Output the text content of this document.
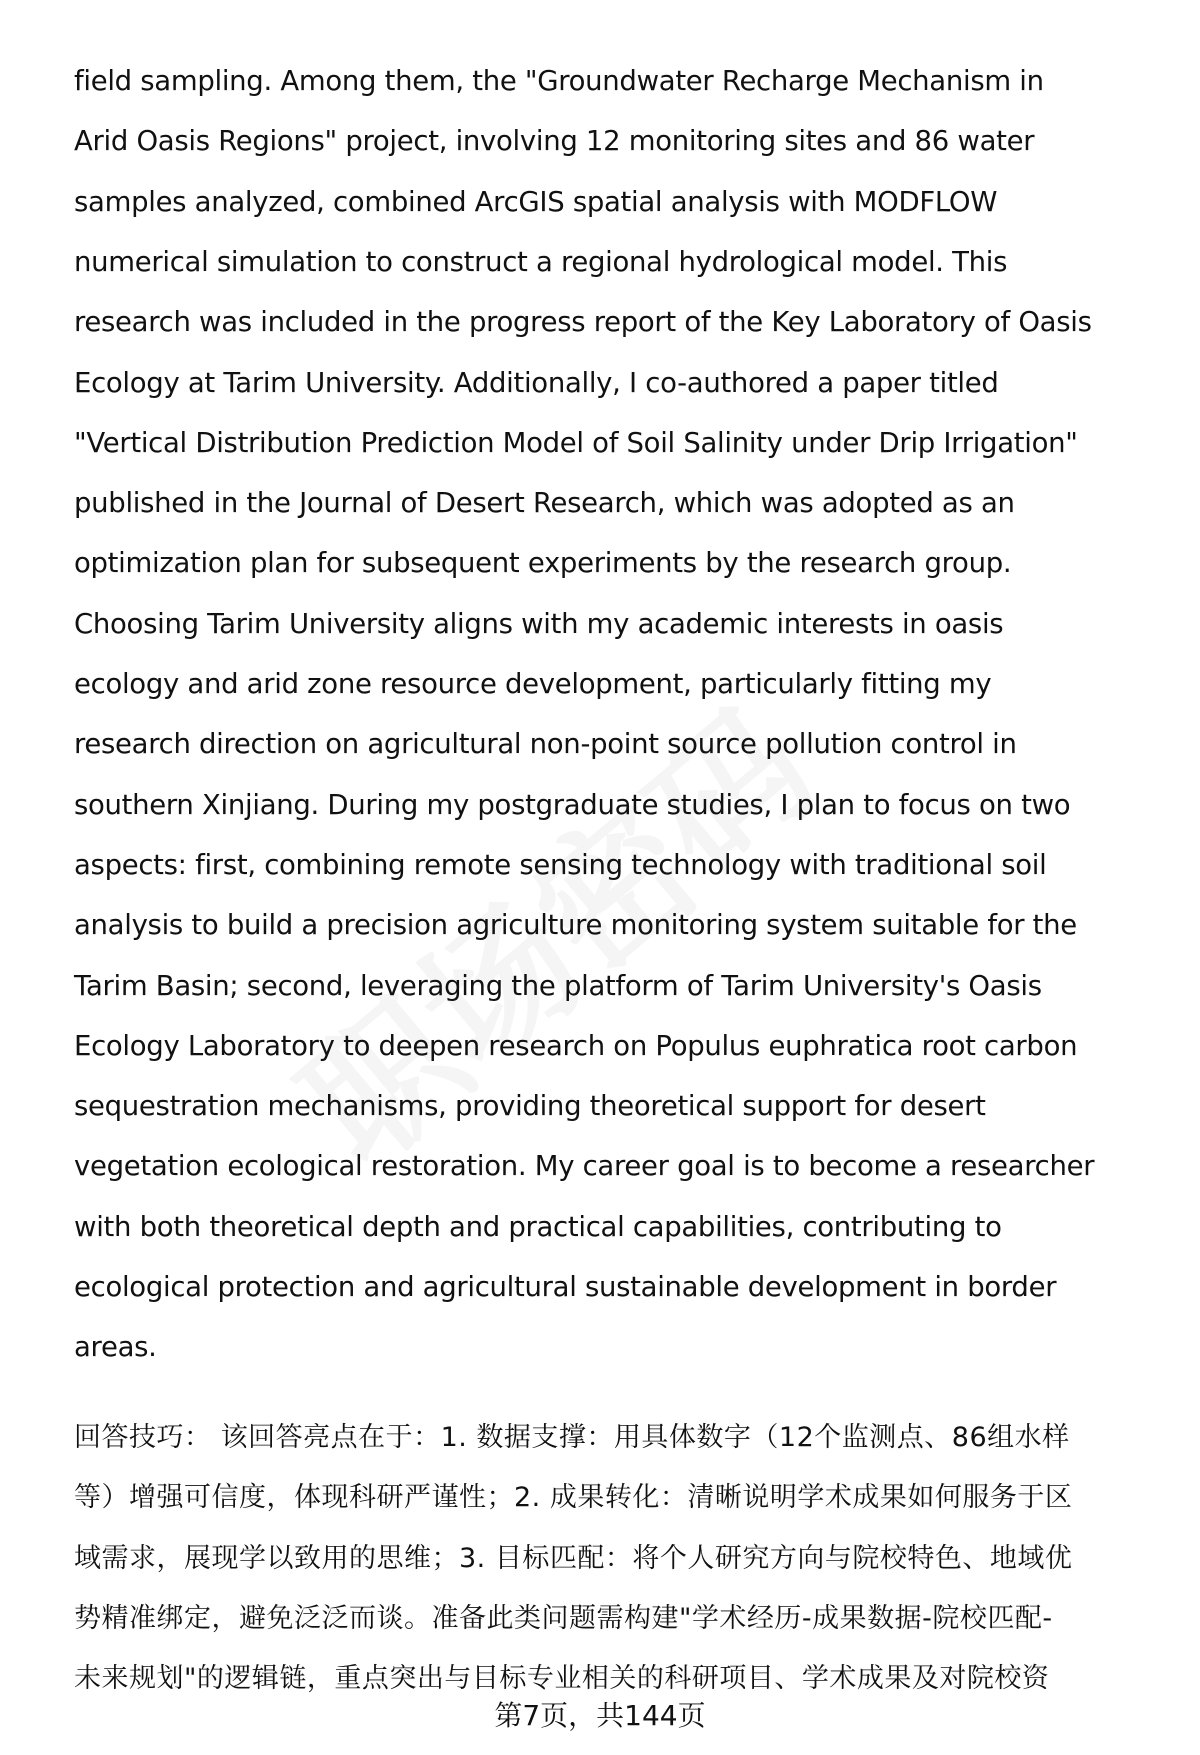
field sampling. Among them, the "Groundwater Recharge Mechanism in
Arid Oasis Regions" project, involving 12 monitoring sites and 86 water
samples analyzed, combined ArcGIS spatial analysis with MODFLOW
numerical simulation to construct a regional hydrological model. This
research was included in the progress report of the Key Laboratory of Oasis
Ecology at Tarim University. Additionally, I co-authored a paper titled
"Vertical Distribution Prediction Model of Soil Salinity under Drip Irrigation"
published in the Journal of Desert Research, which was adopted as an
optimization plan for subsequent experiments by the research group.
Choosing Tarim University aligns with my academic interests in oasis
ecology and arid zone resource development, particularly fitting my
research direction on agricultural non-point source pollution control in
southern Xinjiang. During my postgraduate studies, I plan to focus on two
aspects: first, combining remote sensing technology with traditional soil
analysis to build a precision agriculture monitoring system suitable for the
Tarim Basin; second, leveraging the platform of Tarim University's Oasis
Ecology Laboratory to deepen research on Populus euphratica root carbon
sequestration mechanisms, providing theoretical support for desert
vegetation ecological restoration. My career goal is to become a researcher
with both theoretical depth and practical capabilities, contributing to
ecological protection and agricultural sustainable development in border
areas.
回答技巧： 该回答亮点在于：1. 数据支撑：用具体数字（12个监测点、86组水样
等）增强可信度，体现科研严谨性；2. 成果转化：清晰说明学术成果如何服务于区
域需求，展现学以致用的思维；3. 目标匹配：将个人研究方向与院校特色、地域优
势精准绑定，避免泛泛而谈。准备此类问题需构建"学术经历-成果数据-院校匹配-
未来规划"的逻辑链，重点突出与目标专业相关的科研项目、学术成果及对院校资
第7页，共144页
